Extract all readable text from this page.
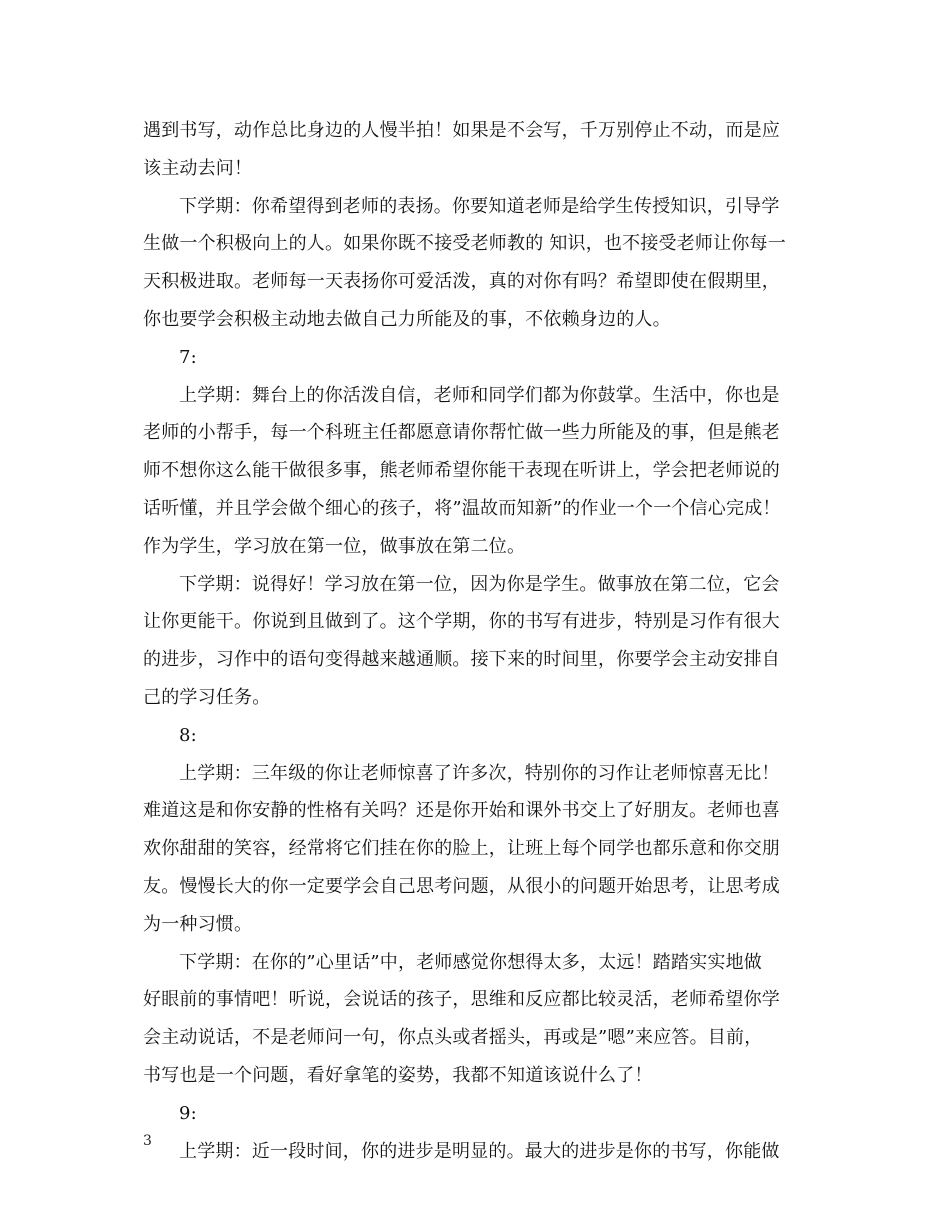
遇到书写，动作总比身边的人慢半拍！如果是不会写，千万别停止不动，而是应
该主动去问！
下学期：你希望得到老师的表扬。你要知道老师是给学生传授知识，引导学
生做一个积极向上的人。如果你既不接受老师教的 知识，也不接受老师让你每一
天积极进取。老师每一天表扬你可爱活泼，真的对你有吗？希望即使在假期里，
你也要学会积极主动地去做自己力所能及的事，不依赖身边的人。
7:
上学期：舞台上的你活泼自信，老师和同学们都为你鼓掌。生活中，你也是
老师的小帮手，每一个科班主任都愿意请你帮忙做一些力所能及的事，但是熊老
师不想你这么能干做很多事，熊老师希望你能干表现在听讲上，学会把老师说的
话听懂，并且学会做个细心的孩子，将”温故而知新”的作业一个一个信心完成！
作为学生，学习放在第一位，做事放在第二位。
下学期：说得好！学习放在第一位，因为你是学生。做事放在第二位，它会
让你更能干。你说到且做到了。这个学期，你的书写有进步，特别是习作有很大
的进步，习作中的语句变得越来越通顺。接下来的时间里，你要学会主动安排自
己的学习任务。
8:
上学期：三年级的你让老师惊喜了许多次，特别你的习作让老师惊喜无比！
难道这是和你安静的性格有关吗？还是你开始和课外书交上了好朋友。老师也喜
欢你甜甜的笑容，经常将它们挂在你的脸上，让班上每个同学也都乐意和你交朋
友。慢慢长大的你一定要学会自己思考问题，从很小的问题开始思考，让思考成
为一种习惯。
下学期：在你的”心里话”中，老师感觉你想得太多，太远！踏踏实实地做
好眼前的事情吧！听说，会说话的孩子，思维和反应都比较灵活，老师希望你学
会主动说话，不是老师问一句，你点头或者摇头，再或是”嗯”来应答。目前，
书写也是一个问题，看好拿笔的姿势，我都不知道该说什么了！
9:
上学期：近一段时间，你的进步是明显的。最大的进步是你的书写，你能做
3
